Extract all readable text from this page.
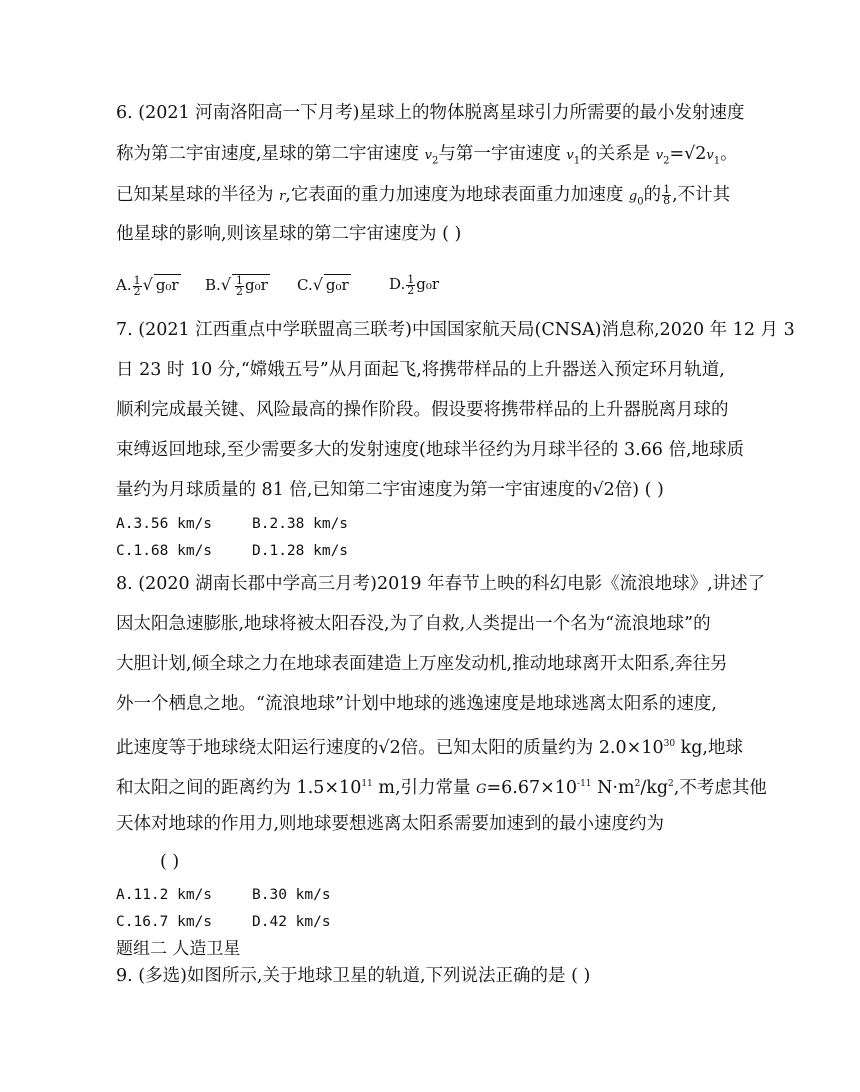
6. (2021 河南洛阳高一下月考)星球上的物体脱离星球引力所需要的最小发射速度
称为第二宇宙速度,星球的第二宇宙速度 $v_2$与第一宇宙速度 $v_1$的关系是 $v_2=√2v_1$。
已知某星球的半径为 r,它表面的重力加速度为地球表面重力加速度 $g_0$的 $\frac{1}{8}$ ,不计其
他星球的影响,则该星球的第二宇宙速度为 ( )
A. $\frac{1}{2}$ √ g₀r $B.√ \frac{1}{2} g_0r$ C.√ g₀r	D. $\frac{1}{2} g_0r$
7. (2021 江西重点中学联盟高三联考)中国国家航天局(CNSA)消息称,2020 年 12 月 3
日 23 时 10 分,“嫦娥五号”从月面起飞,将携带样品的上升器送入预定环月轨道,
顺利完成最关键、风险最高的操作阶段。假设要将携带样品的上升器脱离月球的
束缚返回地球,至少需要多大的发射速度(地球半径约为月球半径的 3.66 倍,地球质
量约为月球质量的 81 倍,已知第二宇宙速度为第一宇宙速度的√2倍) ( )
A.3.56 km/s	B.2.38 km/s
C.1.68 km/s	D.1.28 km/s
8. (2020 湖南长郡中学高三月考)2019 年春节上映的科幻电影《流浪地球》,讲述了
因太阳急速膨胀,地球将被太阳吞没,为了自救,人类提出一个名为“流浪地球”的
大胆计划,倾全球之力在地球表面建造上万座发动机,推动地球离开太阳系,奔往另
外一个栖息之地。“流浪地球”计划中地球的逃逸速度是地球逃离太阳系的速度,
此速度等于地球绕太阳运行速度的√2倍。已知太阳的质量约为 $2.0\times 10^{30}$ kg,地球
和太阳之间的距离约为 $1.5\times 10^{11}$ m,引力常量 $G=6.67\times 10^{-11}$ $N\cdot m^2/kg^2$,不考虑其他
天体对地球的作用力,则地球要想逃离太阳系需要加速到的最小速度约为
( )
A.11.2 km/s	B.30 km/s
C.16.7 km/s	D.42 km/s
题组二 人造卫星
9. (多选)如图所示,关于地球卫星的轨道,下列说法正确的是 ( )
